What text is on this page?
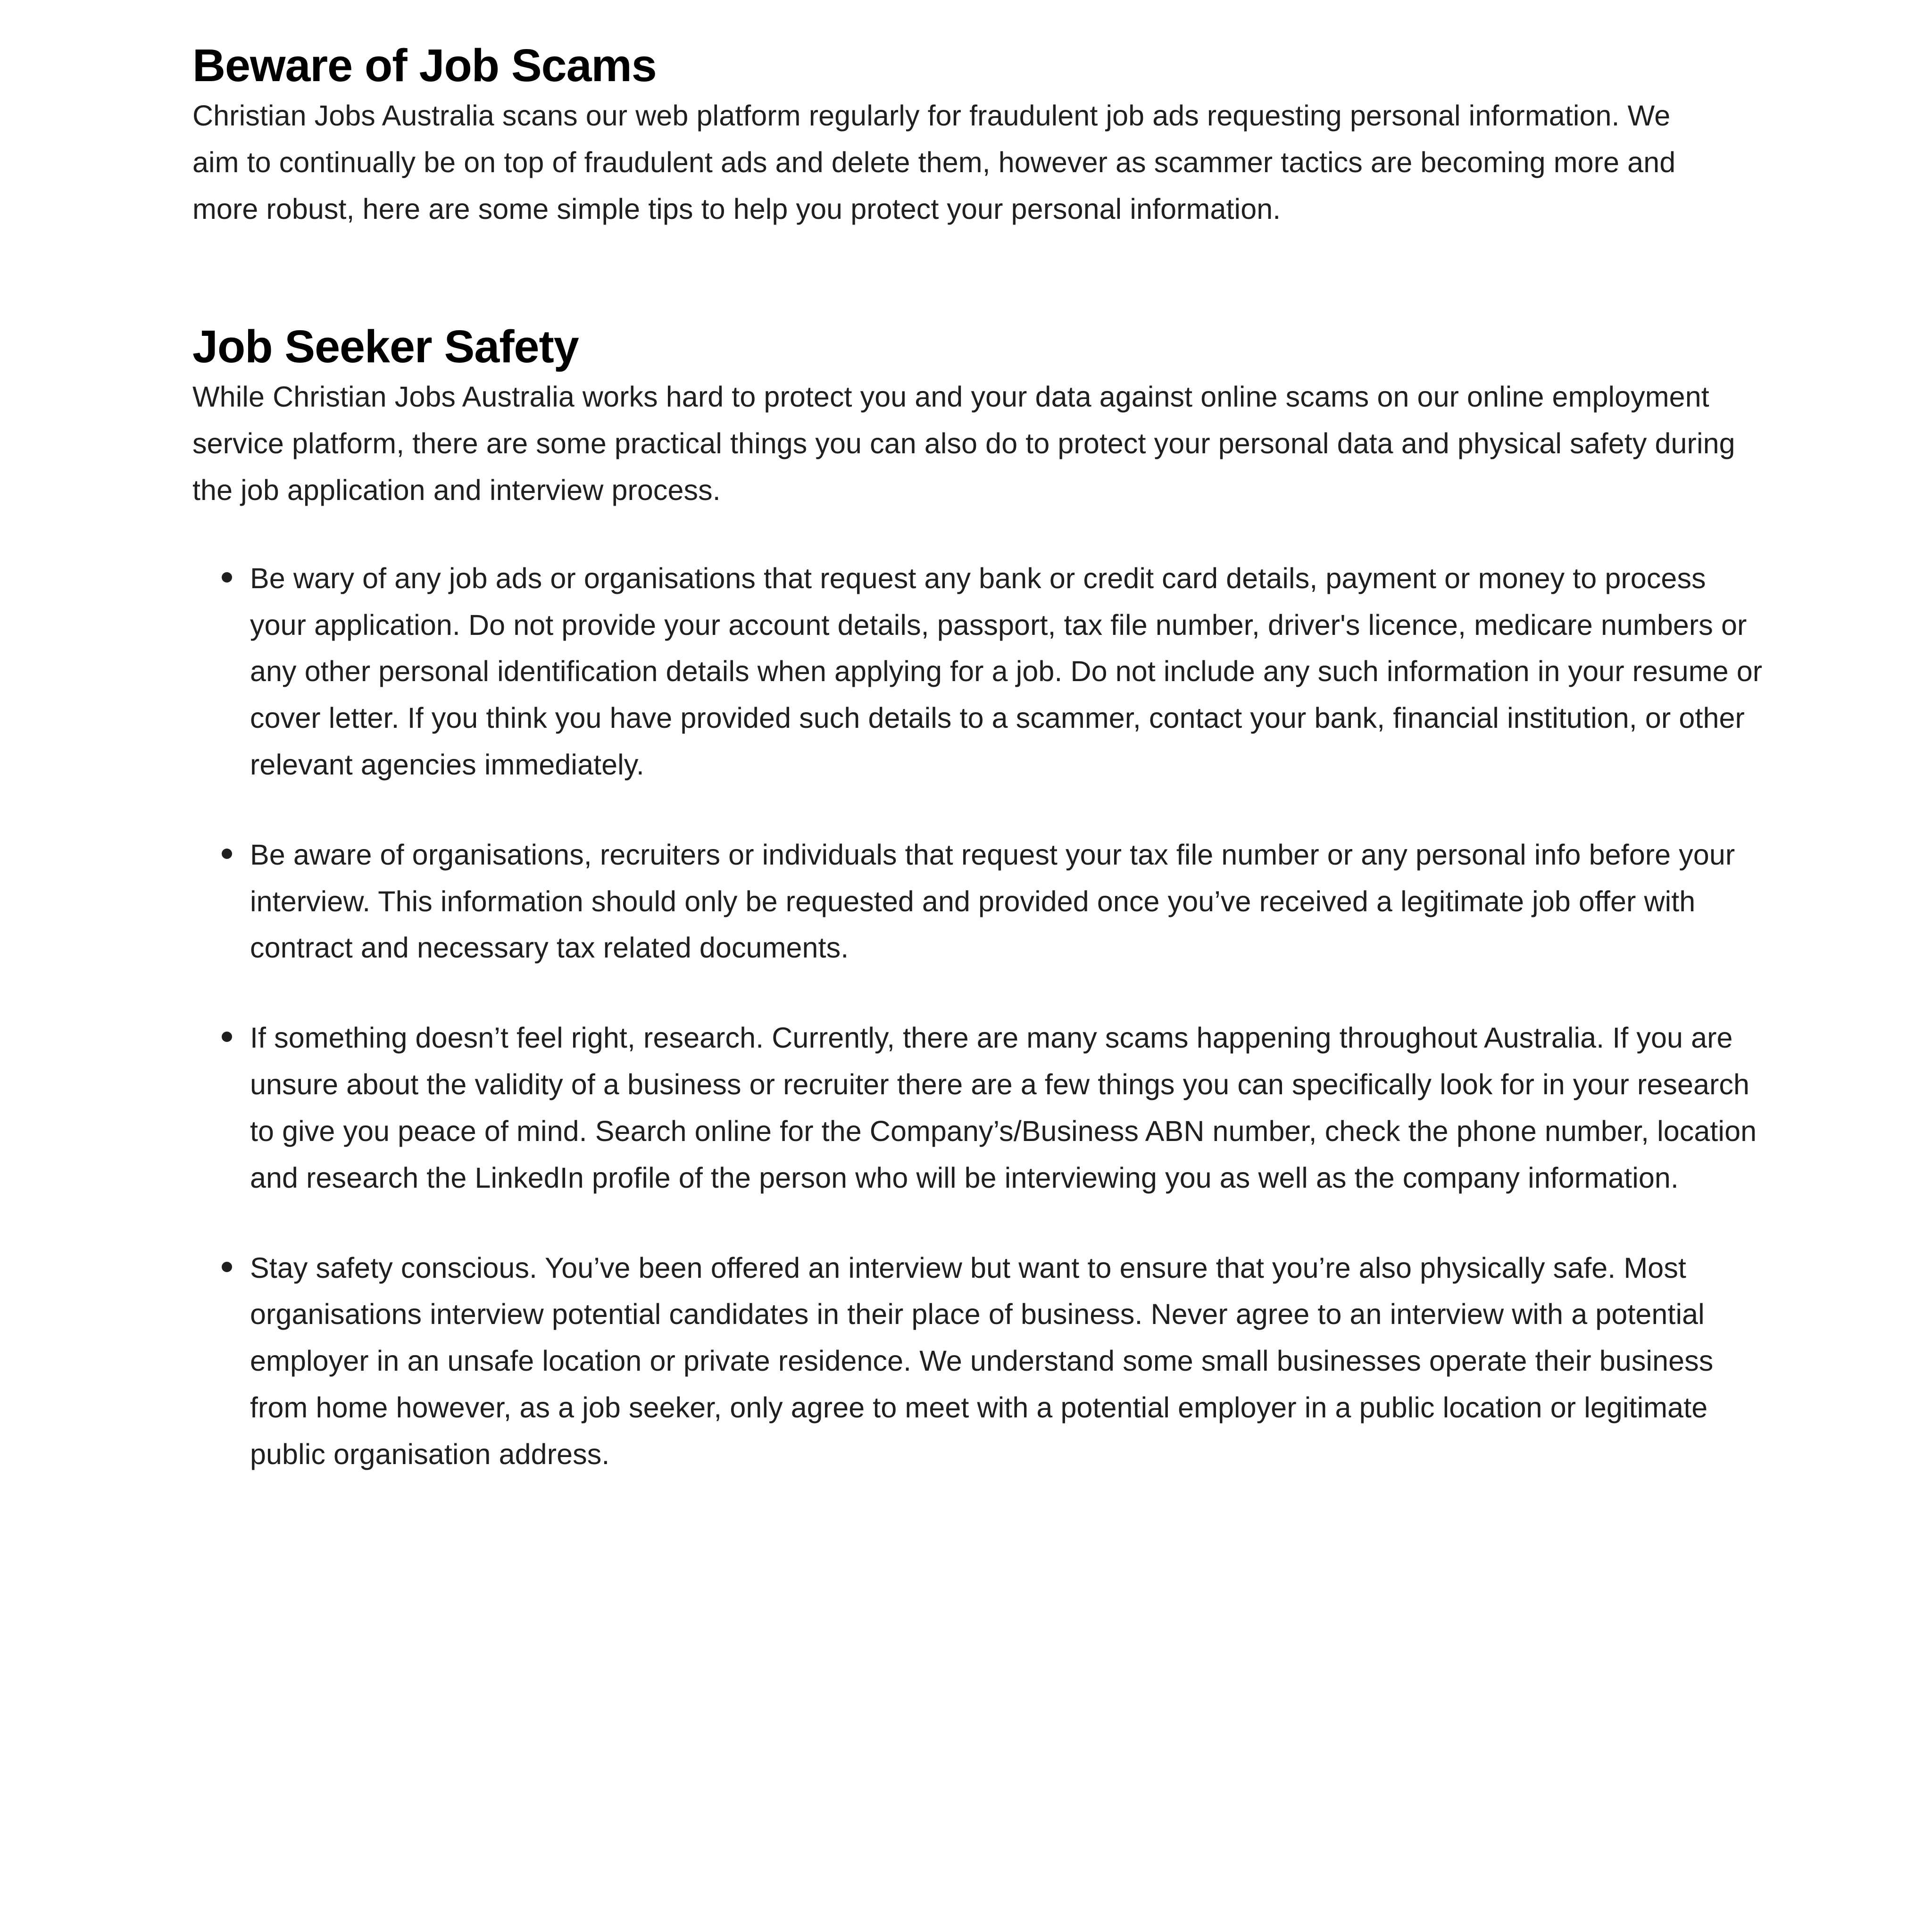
Beware of Job Scams

Christian Jobs Australia scans our web platform regularly for fraudulent job ads requesting personal information. We aim to continually be on top of fraudulent ads and delete them, however as scammer tactics are becoming more and more robust, here are some simple tips to help you protect your personal information.

Job Seeker Safety

While Christian Jobs Australia works hard to protect you and your data against online scams on our online employment service platform, there are some practical things you can also do to protect your personal data and physical safety during the job application and interview process.

Be wary of any job ads or organisations that request any bank or credit card details, payment or money to process your application. Do not provide your account details, passport, tax file number, driver's licence, medicare numbers or any other personal identification details when applying for a job. Do not include any such information in your resume or cover letter. If you think you have provided such details to a scammer, contact your bank, financial institution, or other relevant agencies immediately.
Be aware of organisations, recruiters or individuals that request your tax file number or any personal info before your interview. This information should only be requested and provided once you’ve received a legitimate job offer with contract and necessary tax related documents.
If something doesn’t feel right, research. Currently, there are many scams happening throughout Australia. If you are unsure about the validity of a business or recruiter there are a few things you can specifically look for in your research to give you peace of mind. Search online for the Company’s/Business ABN number, check the phone number, location and research the LinkedIn profile of the person who will be interviewing you as well as the company information.
Stay safety conscious. You’ve been offered an interview but want to ensure that you’re also physically safe. Most organisations interview potential candidates in their place of business. Never agree to an interview with a potential employer in an unsafe location or private residence. We understand some small businesses operate their business from home however, as a job seeker, only agree to meet with a potential employer in a public location or legitimate public organisation address.
